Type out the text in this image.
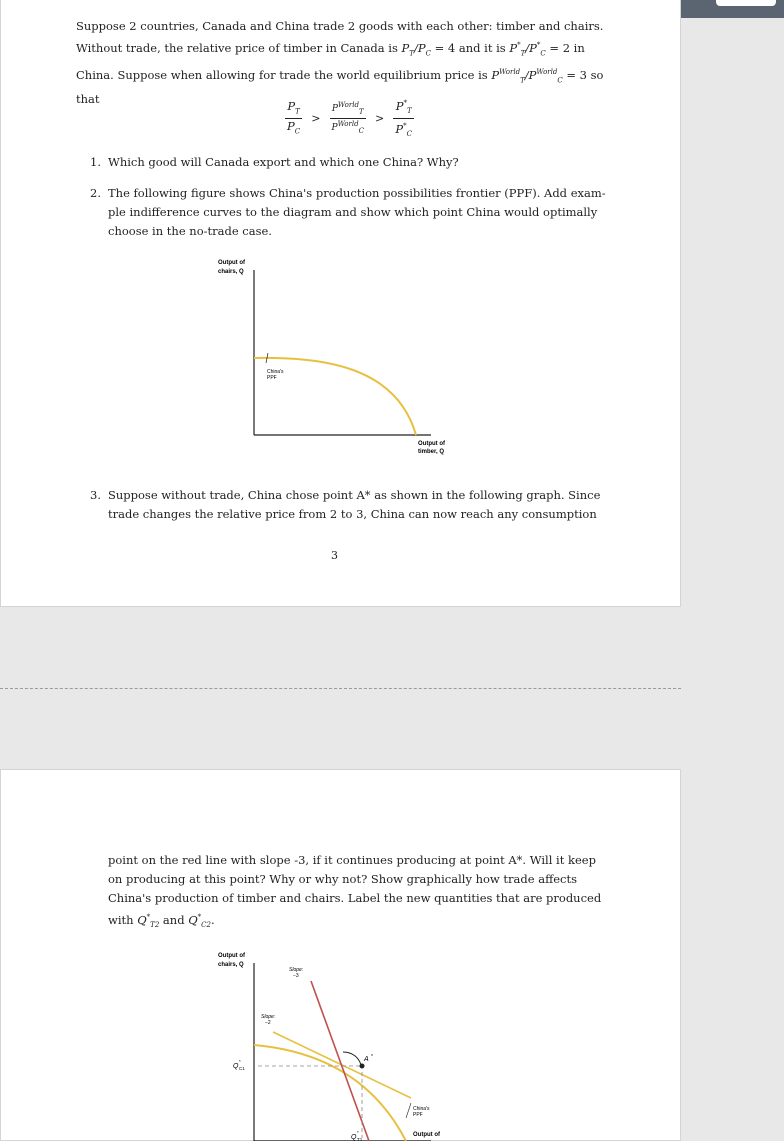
Suppose 2 countries, Canada and China trade 2 goods with each other: timber and chairs.
Without trade, the relative price of timber in Canada is $P_T/P_C = 4$ and it is $P^*_T/P^*_C = 2$ in
China. Suppose when allowing for trade the world equilibrium price is $P^{World}_T/P^{World}_C = 3$ so
that	$\frac{P_T}{P_C} > \frac{P^{World}_T}{P^{World}_C} > \frac{P^*_T}{P^*_C}$
1. Which good will Canada export and which one China? Why?
2. The following figure shows China's production possibilities frontier (PPF). Add exam-
ple indifference curves to the diagram and show which point China would optimally
choose in the no-trade case.
Output of
chairs, Q
China's
PPF
Output of
timber, Q
3. Suppose without trade, China chose point A* as shown in the following graph. Since
trade changes the relative price from 2 to 3, China can now reach any consumption
3
point on the red line with slope -3, if it continues producing at point A*. Will it keep
on producing at this point? Why or why not? Show graphically how trade affects
China's production of timber and chairs. Label the new quantities that are produced
with $Q^*_{T2}$ and $Q^*_{C2}$.
Output of
chairs, Q
A *
Slope:
−3
Slope:
−2
Q C1
*
Q T1
*
China's
PPF
Output of
